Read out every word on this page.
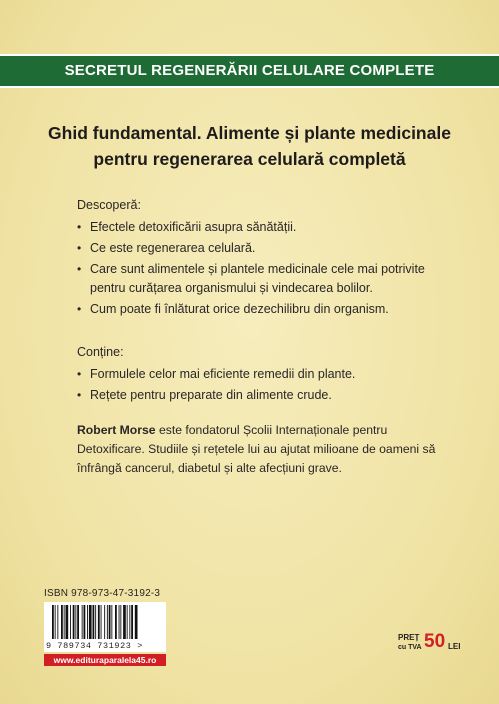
SECRETUL REGENERĂRII CELULARE COMPLETE
Ghid fundamental. Alimente și plante medicinale
pentru regenerarea celulară completă
Descoperă:
• Efectele detoxificării asupra sănătății.
• Ce este regenerarea celulară.
• Care sunt alimentele și plantele medicinale cele mai potrivite pentru curățarea organismului și vindecarea bolilor.
• Cum poate fi înlăturat orice dezechilibru din organism.
Conține:
• Formulele celor mai eficiente remedii din plante.
• Rețete pentru preparate din alimente crude.
Robert Morse este fondatorul Școlii Internaționale pentru Detoxificare. Studiile și rețetele lui au ajutat milioane de oameni să înfrângă cancerul, diabetul și alte afecțiuni grave.
ISBN 978-973-47-3192-3
9 789734 731923 >
www.edituraparalela45.ro
PREȚ
cu TVA 50 LEI
